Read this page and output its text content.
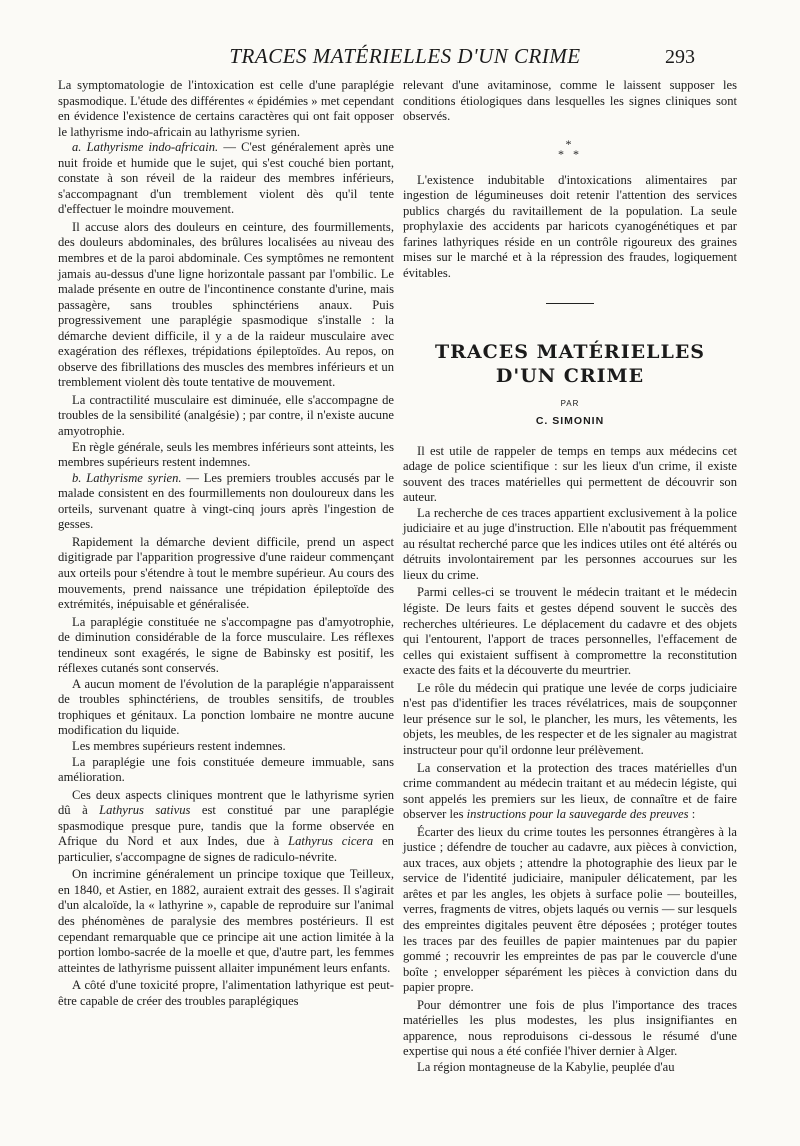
TRACES MATÉRIELLES D'UN CRIME	293

La symptomatologie de l'intoxication est celle d'une paraplégie spasmodique. L'étude des différentes « épidémies » met cependant en évidence l'existence de certains caractères qui ont fait opposer le lathyrisme indo-africain au lathyrisme syrien.

a. Lathyrisme indo-africain. — C'est généralement après une nuit froide et humide que le sujet, qui s'est couché bien portant, constate à son réveil de la raideur des membres inférieurs, s'accompagnant d'un tremblement violent dès qu'il tente d'effectuer le moindre mouvement.

Il accuse alors des douleurs en ceinture, des fourmillements, des douleurs abdominales, des brûlures localisées au niveau des membres et de la paroi abdominale. Ces symptômes ne remontent jamais au-dessus d'une ligne horizontale passant par l'ombilic. Le malade présente en outre de l'incontinence constante d'urine, mais passagère, sans troubles sphinctériens anaux. Puis progressivement une paraplégie spasmodique s'installe : la démarche devient difficile, il y a de la raideur musculaire avec exagération des réflexes, trépidations épileptoïdes. Au repos, on observe des fibrillations des muscles des membres inférieurs et un tremblement violent dès toute tentative de mouvement.

La contractilité musculaire est diminuée, elle s'accompagne de troubles de la sensibilité (analgésie) ; par contre, il n'existe aucune amyotrophie.

En règle générale, seuls les membres inférieurs sont atteints, les membres supérieurs restent indemnes.

b. Lathyrisme syrien. — Les premiers troubles accusés par le malade consistent en des fourmillements non douloureux dans les orteils, survenant quatre à vingt-cinq jours après l'ingestion de gesses.

Rapidement la démarche devient difficile, prend un aspect digitigrade par l'apparition progressive d'une raideur commençant aux orteils pour s'étendre à tout le membre supérieur. Au cours des mouvements, prend naissance une trépidation épileptoïde des extrémités, inépuisable et généralisée.

La paraplégie constituée ne s'accompagne pas d'amyotrophie, de diminution considérable de la force musculaire. Les réflexes tendineux sont exagérés, le signe de Babinsky est positif, les réflexes cutanés sont conservés.

A aucun moment de l'évolution de la paraplégie n'apparaissent de troubles sphinctériens, de troubles sensitifs, de troubles trophiques et génitaux. La ponction lombaire ne montre aucune modification du liquide.

Les membres supérieurs restent indemnes.

La paraplégie une fois constituée demeure immuable, sans amélioration.

Ces deux aspects cliniques montrent que le lathyrisme syrien dû à Lathyrus sativus est constitué par une paraplégie spasmodique presque pure, tandis que la forme observée en Afrique du Nord et aux Indes, due à Lathyrus cicera en particulier, s'accompagne de signes de radiculo-névrite.

On incrimine généralement un principe toxique que Teilleux, en 1840, et Astier, en 1882, auraient extrait des gesses. Il s'agirait d'un alcaloïde, la « lathyrine », capable de reproduire sur l'animal des phénomènes de paralysie des membres postérieurs. Il est cependant remarquable que ce principe ait une action limitée à la portion lombo-sacrée de la moelle et que, d'autre part, les femmes atteintes de lathyrisme puissent allaiter impunément leurs enfants.

A côté d'une toxicité propre, l'alimentation lathyrique est peut-être capable de créer des troubles paraplégiques

relevant d'une avitaminose, comme le laissent supposer les conditions étiologiques dans lesquelles les signes cliniques sont observés.

*
* *

L'existence indubitable d'intoxications alimentaires par ingestion de légumineuses doit retenir l'attention des services publics chargés du ravitaillement de la population. La seule prophylaxie des accidents par haricots cyanogénétiques et par farines lathyriques réside en un contrôle rigoureux des graines mises sur le marché et à la répression des fraudes, logiquement évitables.

TRACES MATÉRIELLES
D'UN CRIME
PAR
C. SIMONIN

Il est utile de rappeler de temps en temps aux médecins cet adage de police scientifique : sur les lieux d'un crime, il existe souvent des traces matérielles qui permettent de découvrir son auteur.

La recherche de ces traces appartient exclusivement à la police judiciaire et au juge d'instruction. Elle n'aboutit pas fréquemment au résultat recherché parce que les indices utiles ont été altérés ou détruits involontairement par les personnes accourues sur les lieux du crime.

Parmi celles-ci se trouvent le médecin traitant et le médecin légiste. De leurs faits et gestes dépend souvent le succès des recherches ultérieures. Le déplacement du cadavre et des objets qui l'entourent, l'apport de traces personnelles, l'effacement de celles qui existaient suffisent à compromettre la reconstitution exacte des faits et la découverte du meurtrier.

Le rôle du médecin qui pratique une levée de corps judiciaire n'est pas d'identifier les traces révélatrices, mais de soupçonner leur présence sur le sol, le plancher, les murs, les vêtements, les objets, les meubles, de les respecter et de les signaler au magistrat instructeur pour qu'il ordonne leur prélèvement.

La conservation et la protection des traces matérielles d'un crime commandent au médecin traitant et au médecin légiste, qui sont appelés les premiers sur les lieux, de connaître et de faire observer les instructions pour la sauvegarde des preuves :

Écarter des lieux du crime toutes les personnes étrangères à la justice ; défendre de toucher au cadavre, aux pièces à conviction, aux traces, aux objets ; attendre la photographie des lieux par le service de l'identité judiciaire, manipuler délicatement, par les arêtes et par les angles, les objets à surface polie — bouteilles, verres, fragments de vitres, objets laqués ou vernis — sur lesquels des empreintes digitales peuvent être déposées ; protéger toutes les traces par des feuilles de papier maintenues par du papier gommé ; recouvrir les empreintes de pas par le couvercle d'une boîte ; envelopper séparément les pièces à conviction dans du papier propre.

Pour démontrer une fois de plus l'importance des traces matérielles les plus modestes, les plus insignifiantes en apparence, nous reproduisons ci-dessous le résumé d'une expertise qui nous a été confiée l'hiver dernier à Alger.

La région montagneuse de la Kabylie, peuplée d'au
